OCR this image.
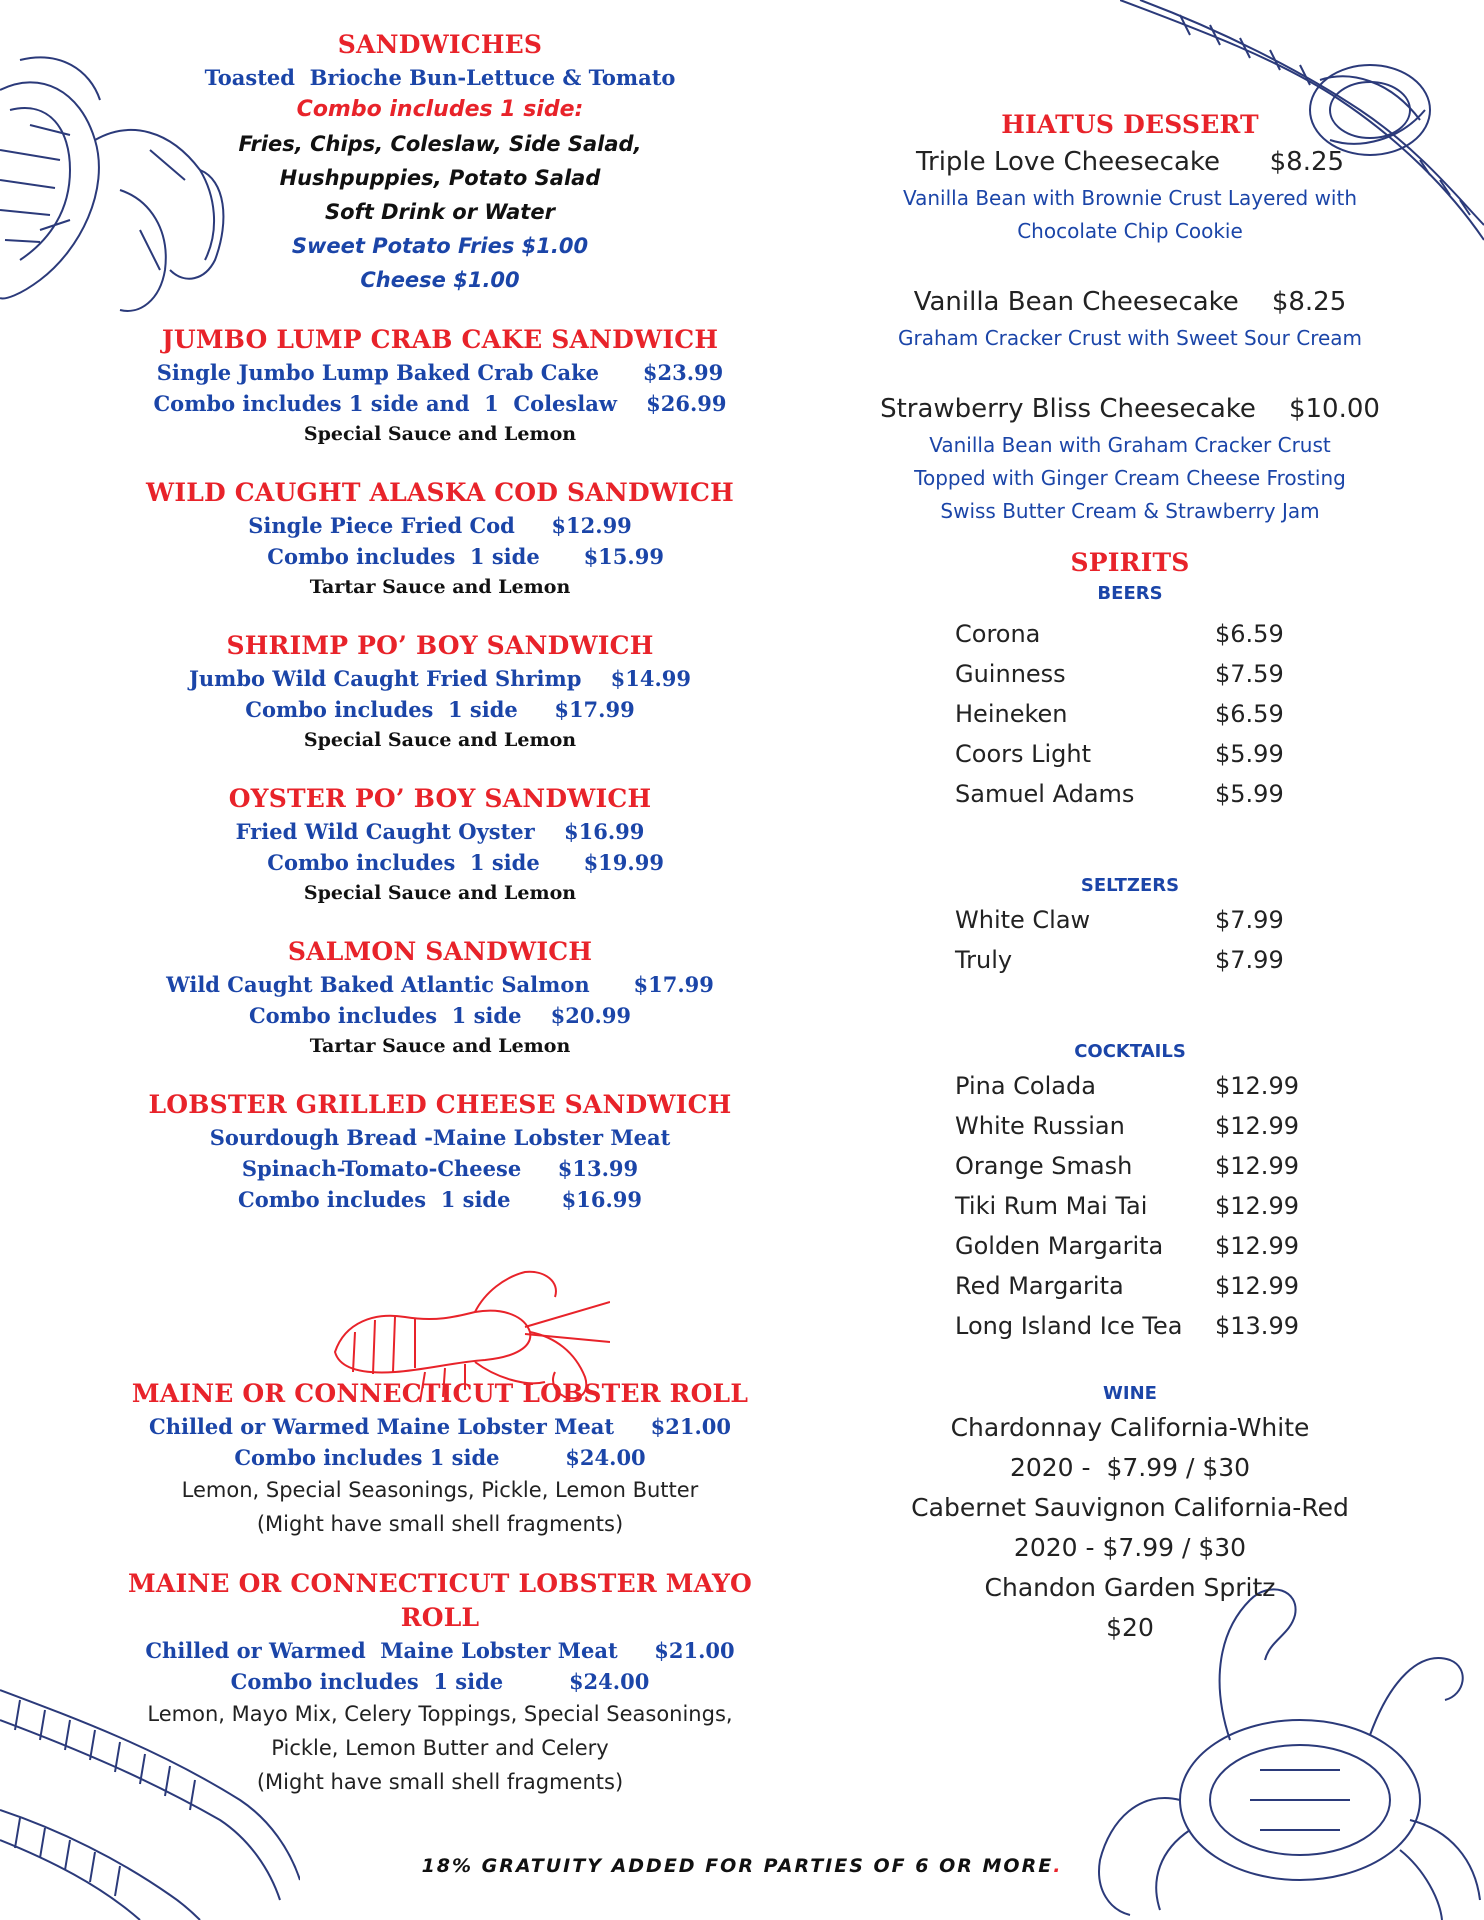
SANDWICHES
Toasted  Brioche Bun-Lettuce & Tomato
Combo includes 1 side:
Fries, Chips, Coleslaw, Side Salad,
Hushpuppies, Potato Salad
Soft Drink or Water
Sweet Potato Fries $1.00
Cheese $1.00
JUMBO LUMP CRAB CAKE SANDWICH
Single Jumbo Lump Baked Crab Cake      $23.99
Combo includes 1 side and  1  Coleslaw    $26.99
Special Sauce and Lemon
WILD CAUGHT ALASKA COD SANDWICH
Single Piece Fried Cod     $12.99
Combo includes  1 side      $15.99
Tartar Sauce and Lemon
SHRIMP PO’ BOY SANDWICH
Jumbo Wild Caught Fried Shrimp    $14.99
Combo includes  1 side     $17.99
Special Sauce and Lemon
OYSTER PO’ BOY SANDWICH
Fried Wild Caught Oyster    $16.99
Combo includes  1 side      $19.99
Special Sauce and Lemon
SALMON SANDWICH
Wild Caught Baked Atlantic Salmon      $17.99
Combo includes  1 side    $20.99
Tartar Sauce and Lemon
LOBSTER GRILLED CHEESE SANDWICH
Sourdough Bread -Maine Lobster Meat
Spinach-Tomato-Cheese     $13.99
Combo includes  1 side       $16.99
MAINE OR CONNECTICUT LOBSTER ROLL
Chilled or Warmed Maine Lobster Meat     $21.00
Combo includes 1 side         $24.00
Lemon, Special Seasonings, Pickle, Lemon Butter
(Might have small shell fragments)
MAINE OR CONNECTICUT LOBSTER MAYO ROLL
Chilled or Warmed  Maine Lobster Meat     $21.00
Combo includes  1 side         $24.00
Lemon, Mayo Mix, Celery Toppings, Special Seasonings,
Pickle, Lemon Butter and Celery
(Might have small shell fragments)
HIATUS DESSERT
Triple Love Cheesecake      $8.25
Vanilla Bean with Brownie Crust Layered with
Chocolate Chip Cookie
Vanilla Bean Cheesecake    $8.25
Graham Cracker Crust with Sweet Sour Cream
Strawberry Bliss Cheesecake    $10.00
Vanilla Bean with Graham Cracker Crust
Topped with Ginger Cream Cheese Frosting
Swiss Butter Cream & Strawberry Jam
SPIRITS
BEERS
Corona	$6.59
Guinness	$7.59
Heineken	$6.59
Coors Light	$5.99
Samuel Adams	$5.99
SELTZERS
White Claw	$7.99
Truly	$7.99
COCKTAILS
Pina Colada	$12.99
White Russian	$12.99
Orange Smash	$12.99
Tiki Rum Mai Tai	$12.99
Golden Margarita	$12.99
Red Margarita	$12.99
Long Island Ice Tea	$13.99
WINE
Chardonnay California-White
2020 -  $7.99 / $30
Cabernet Sauvignon California-Red
2020 - $7.99 / $30
Chandon Garden Spritz
$20
18% GRATUITY ADDED FOR PARTIES OF 6 OR MORE.
